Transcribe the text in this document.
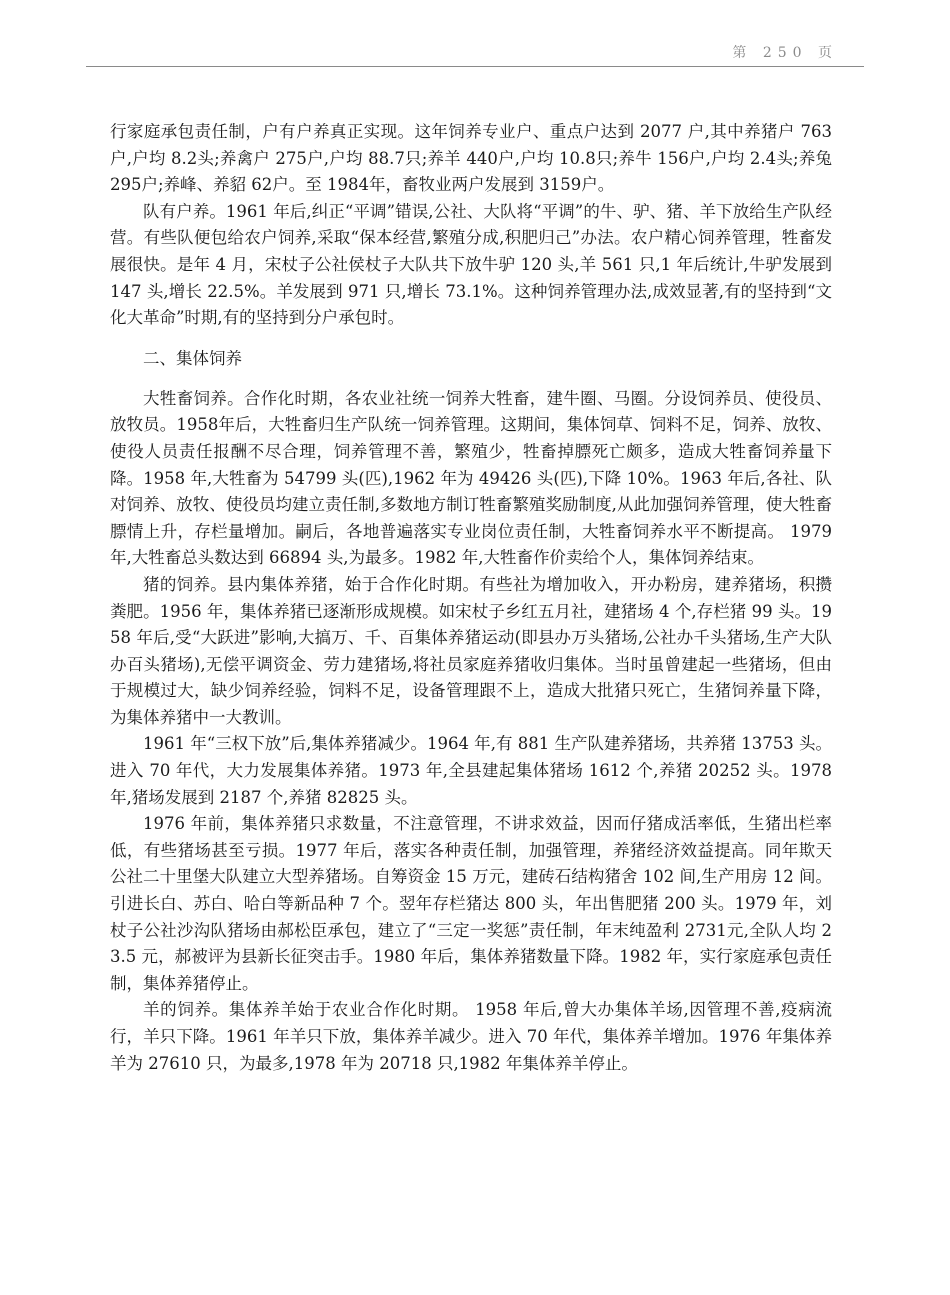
第 250 页

行家庭承包责任制，户有户养真正实现。这年饲养专业户、重点户达到 2077 户,其中养猪户 763户,户均 8.2头;养禽户 275户,户均 88.7只;养羊 440户,户均 10.8只;养牛 156户,户均 2.4头;养兔 295户;养峰、养貂 62户。至 1984年，畜牧业两户发展到 3159户。

队有户养。1961 年后,纠正“平调”错误,公社、大队将“平调”的牛、驴、猪、羊下放给生产队经营。有些队便包给农户饲养,采取“保本经营,繁殖分成,积肥归己”办法。农户精心饲养管理，牲畜发展很快。是年 4 月，宋杖子公社侯杖子大队共下放牛驴 120 头,羊 561 只,1 年后统计,牛驴发展到 147 头,增长 22.5%。羊发展到 971 只,增长 73.1%。这种饲养管理办法,成效显著,有的坚持到“文化大革命”时期,有的坚持到分户承包时。

二、集体饲养

大牲畜饲养。合作化时期，各农业社统一饲养大牲畜，建牛圈、马圈。分设饲养员、使役员、放牧员。1958年后，大牲畜归生产队统一饲养管理。这期间，集体饲草、饲料不足，饲养、放牧、使役人员责任报酬不尽合理，饲养管理不善，繁殖少，牲畜掉膘死亡颇多，造成大牲畜饲养量下降。1958 年,大牲畜为 54799 头(匹),1962 年为 49426 头(匹),下降 10%。1963 年后,各社、队对饲养、放牧、使役员均建立责任制,多数地方制订牲畜繁殖奖励制度,从此加强饲养管理，使大牲畜膘情上升，存栏量增加。嗣后，各地普遍落实专业岗位责任制，大牲畜饲养水平不断提高。 1979 年,大牲畜总头数达到 66894 头,为最多。1982 年,大牲畜作价卖给个人，集体饲养结束。

猪的饲养。县内集体养猪，始于合作化时期。有些社为增加收入，开办粉房，建养猪场，积攒粪肥。1956 年，集体养猪已逐渐形成规模。如宋杖子乡红五月社，建猪场 4 个,存栏猪 99 头。1958 年后,受“大跃进”影响,大搞万、千、百集体养猪运动(即县办万头猪场,公社办千头猪场,生产大队办百头猪场),无偿平调资金、劳力建猪场,将社员家庭养猪收归集体。当时虽曾建起一些猪场，但由于规模过大，缺少饲养经验，饲料不足，设备管理跟不上，造成大批猪只死亡，生猪饲养量下降，为集体养猪中一大教训。

1961 年“三权下放”后,集体养猪减少。1964 年,有 881 生产队建养猪场，共养猪 13753 头。进入 70 年代，大力发展集体养猪。1973 年,全县建起集体猪场 1612 个,养猪 20252 头。1978 年,猪场发展到 2187 个,养猪 82825 头。

1976 年前，集体养猪只求数量，不注意管理，不讲求效益，因而仔猪成活率低，生猪出栏率低，有些猪场甚至亏损。1977 年后，落实各种责任制，加强管理，养猪经济效益提高。同年欺天公社二十里堡大队建立大型养猪场。自筹资金 15 万元，建砖石结构猪舍 102 间,生产用房 12 间。引进长白、苏白、哈白等新品种 7 个。翌年存栏猪达 800 头，年出售肥猪 200 头。1979 年，刘杖子公社沙沟队猪场由郝松臣承包，建立了“三定一奖惩”责任制，年末纯盈利 2731元,全队人均 23.5 元，郝被评为县新长征突击手。1980 年后，集体养猪数量下降。1982 年，实行家庭承包责任制，集体养猪停止。

羊的饲养。集体养羊始于农业合作化时期。 1958 年后,曾大办集体羊场,因管理不善,疫病流行，羊只下降。1961 年羊只下放，集体养羊减少。进入 70 年代，集体养羊增加。1976 年集体养羊为 27610 只，为最多,1978 年为 20718 只,1982 年集体养羊停止。
